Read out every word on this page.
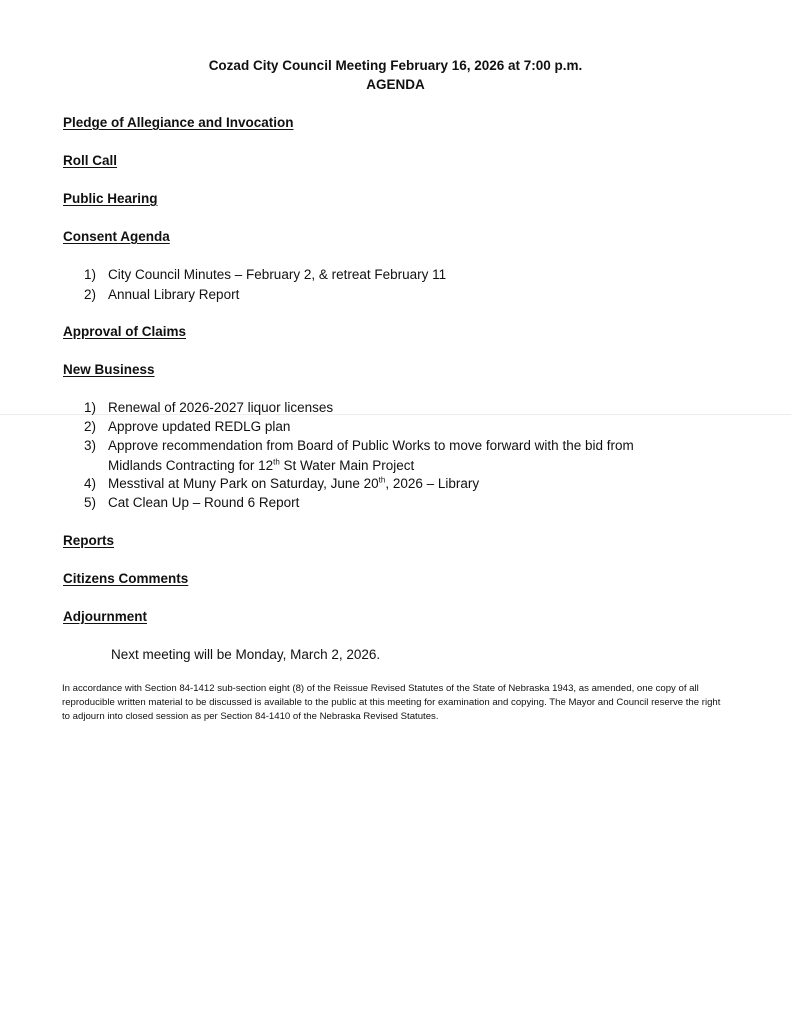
Cozad City Council Meeting February 16, 2026 at 7:00 p.m.
AGENDA
Pledge of Allegiance and Invocation
Roll Call
Public Hearing
Consent Agenda
1) City Council Minutes – February 2, & retreat February 11
2) Annual Library Report
Approval of Claims
New Business
1) Renewal of 2026-2027 liquor licenses
2) Approve updated REDLG plan
3) Approve recommendation from Board of Public Works to move forward with the bid from
Midlands Contracting for 12th St Water Main Project
4) Messtival at Muny Park on Saturday, June 20th, 2026 – Library
5) Cat Clean Up – Round 6 Report
Reports
Citizens Comments
Adjournment
Next meeting will be Monday, March 2, 2026.
In accordance with Section 84-1412 sub-section eight (8) of the Reissue Revised Statutes of the State of Nebraska 1943, as amended, one copy of all reproducible written material to be discussed is available to the public at this meeting for examination and copying. The Mayor and Council reserve the right to adjourn into closed session as per Section 84-1410 of the Nebraska Revised Statutes.
